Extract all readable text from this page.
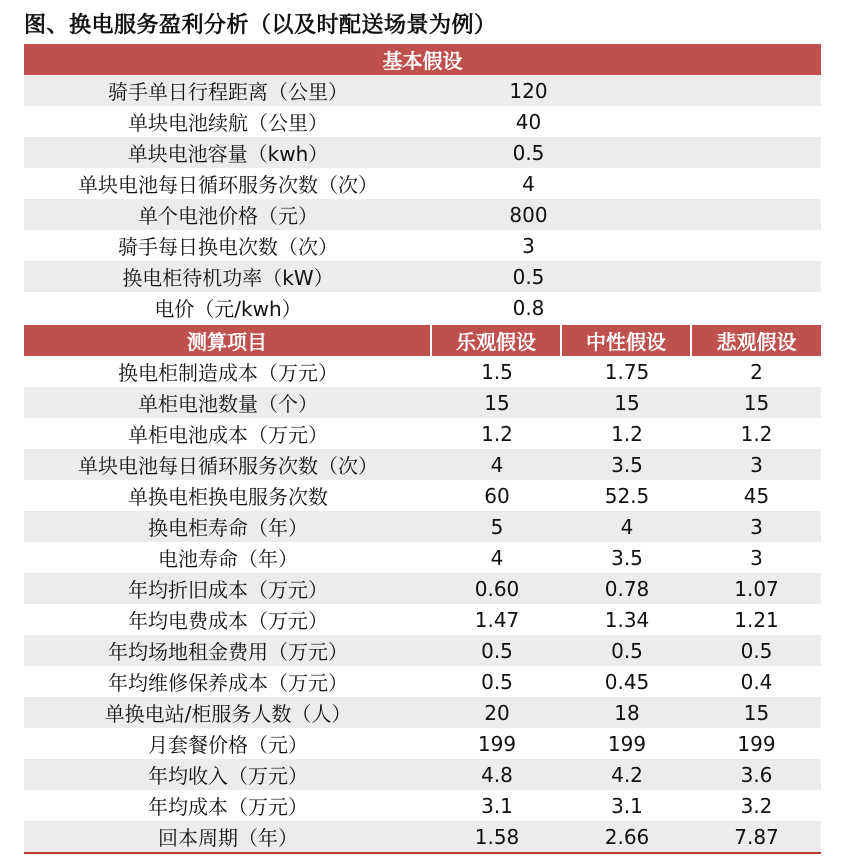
图、换电服务盈利分析（以及时配送场景为例）
基本假设
骑手单日行程距离（公里）	120
单块电池续航（公里）	40
单块电池容量（kwh）	0.5
单块电池每日循环服务次数（次）	4
单个电池价格（元）	800
骑手每日换电次数（次）	3
换电柜待机功率（kW）	0.5
电价（元/kwh）	0.8
测算项目	乐观假设	中性假设	悲观假设
换电柜制造成本（万元）	1.5	1.75	2
单柜电池数量（个）	15	15	15
单柜电池成本（万元）	1.2	1.2	1.2
单块电池每日循环服务次数（次）	4	3.5	3
单换电柜换电服务次数	60	52.5	45
换电柜寿命（年）	5	4	3
电池寿命（年）	4	3.5	3
年均折旧成本（万元）	0.60	0.78	1.07
年均电费成本（万元）	1.47	1.34	1.21
年均场地租金费用（万元）	0.5	0.5	0.5
年均维修保养成本（万元）	0.5	0.45	0.4
单换电站/柜服务人数（人）	20	18	15
月套餐价格（元）	199	199	199
年均收入（万元）	4.8	4.2	3.6
年均成本（万元）	3.1	3.1	3.2
回本周期（年）	1.58	2.66	7.87
